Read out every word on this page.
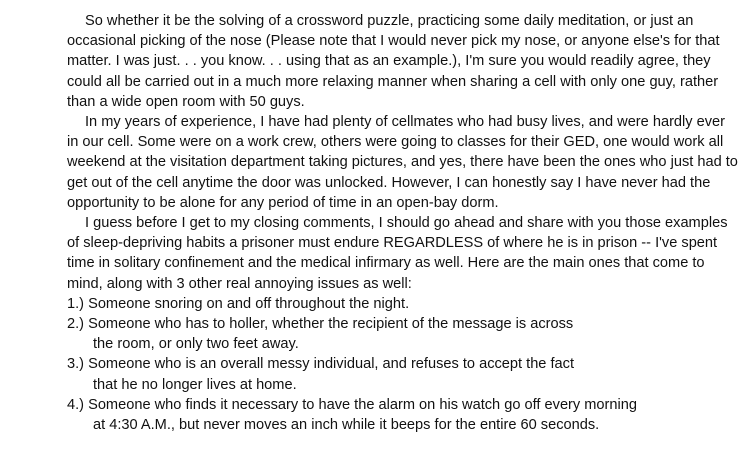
So whether it be the solving of a crossword puzzle, practicing some daily meditation, or just an occasional picking of the nose (Please note that I would never pick my nose, or anyone else's for that matter. I was just. . . you know. . . using that as an example.), I'm sure you would readily agree, they could all be carried out in a much more relaxing manner when sharing a cell with only one guy, rather than a wide open room with 50 guys.

In my years of experience, I have had plenty of cellmates who had busy lives, and were hardly ever in our cell. Some were on a work crew, others were going to classes for their GED, one would work all weekend at the visitation department taking pictures, and yes, there have been the ones who just had to get out of the cell anytime the door was unlocked. However, I can honestly say I have never had the opportunity to be alone for any period of time in an open-bay dorm.

I guess before I get to my closing comments, I should go ahead and share with you those examples of sleep-depriving habits a prisoner must endure REGARDLESS of where he is in prison -- I've spent time in solitary confinement and the medical infirmary as well. Here are the main ones that come to mind, along with 3 other real annoying issues as well:

1.) Someone snoring on and off throughout the night.
2.) Someone who has to holler, whether the recipient of the message is across the room, or only two feet away.
3.) Someone who is an overall messy individual, and refuses to accept the fact that he no longer lives at home.
4.) Someone who finds it necessary to have the alarm on his watch go off every morning at 4:30 A.M., but never moves an inch while it beeps for the entire 60 seconds.
